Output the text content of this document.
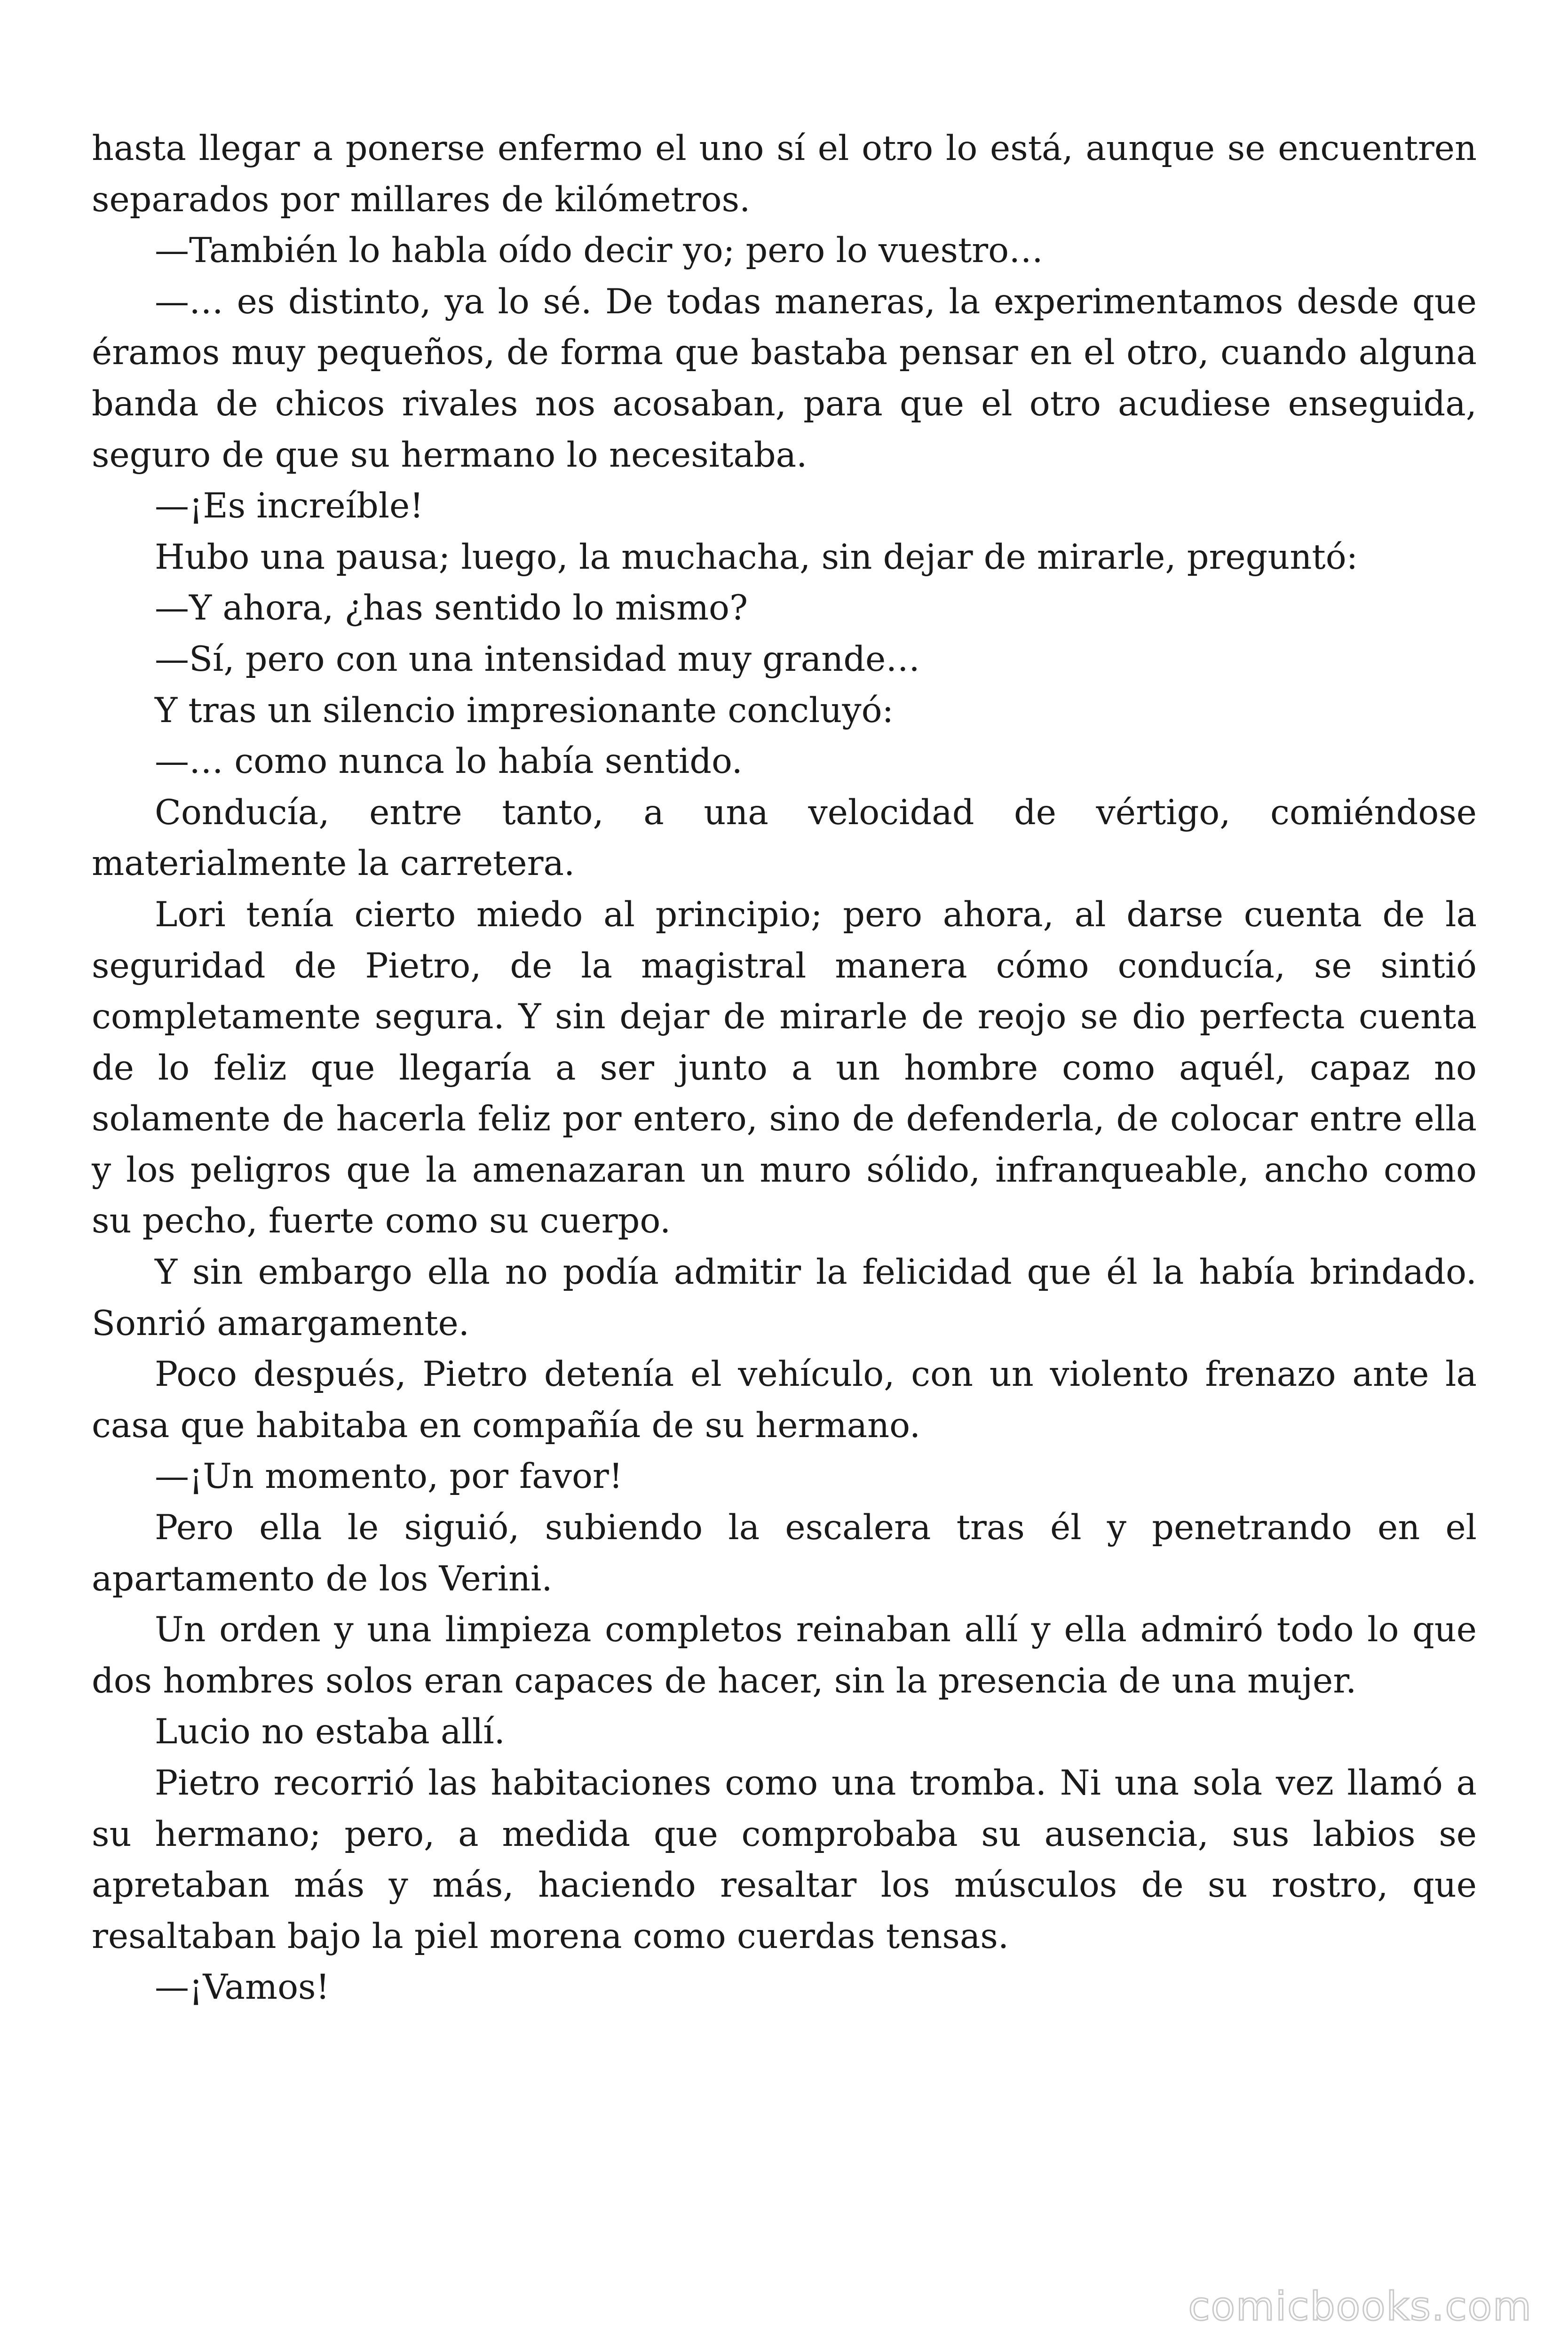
hasta llegar a ponerse enfermo el uno sí el otro lo está, aunque se encuentren separados por millares de kilómetros.

—También lo habla oído decir yo; pero lo vuestro…

—… es distinto, ya lo sé. De todas maneras, la experimentamos desde que éramos muy pequeños, de forma que bastaba pensar en el otro, cuando alguna banda de chicos rivales nos acosaban, para que el otro acudiese enseguida, seguro de que su hermano lo necesitaba.

—¡Es increíble!

Hubo una pausa; luego, la muchacha, sin dejar de mirarle, preguntó:

—Y ahora, ¿has sentido lo mismo?

—Sí, pero con una intensidad muy grande…

Y tras un silencio impresionante concluyó:

—… como nunca lo había sentido.

Conducía, entre tanto, a una velocidad de vértigo, comiéndose materialmente la carretera.

Lori tenía cierto miedo al principio; pero ahora, al darse cuenta de la seguridad de Pietro, de la magistral manera cómo conducía, se sintió completamente segura. Y sin dejar de mirarle de reojo se dio perfecta cuenta de lo feliz que llegaría a ser junto a un hombre como aquél, capaz no solamente de hacerla feliz por entero, sino de defenderla, de colocar entre ella y los peligros que la amenazaran un muro sólido, infranqueable, ancho como su pecho, fuerte como su cuerpo.

Y sin embargo ella no podía admitir la felicidad que él la había brindado. Sonrió amargamente.

Poco después, Pietro detenía el vehículo, con un violento frenazo ante la casa que habitaba en compañía de su hermano.

—¡Un momento, por favor!

Pero ella le siguió, subiendo la escalera tras él y penetrando en el apartamento de los Verini.

Un orden y una limpieza completos reinaban allí y ella admiró todo lo que dos hombres solos eran capaces de hacer, sin la presencia de una mujer.

Lucio no estaba allí.

Pietro recorrió las habitaciones como una tromba. Ni una sola vez llamó a su hermano; pero, a medida que comprobaba su ausencia, sus labios se apretaban más y más, haciendo resaltar los músculos de su rostro, que resaltaban bajo la piel morena como cuerdas tensas.

—¡Vamos!

comicbooks.com
